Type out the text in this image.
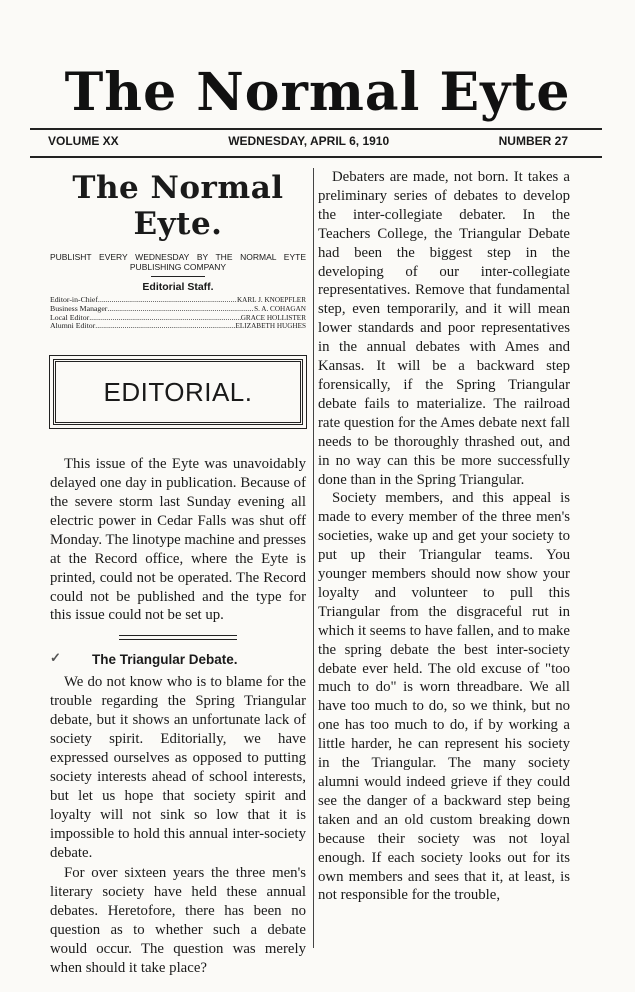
The Normal Eyte
VOLUME XX	WEDNESDAY, APRIL 6, 1910	NUMBER 27
The Normal Eyte.
PUBLISHT EVERY WEDNESDAY BY THE NORMAL EYTE PUBLISHING COMPANY
Editorial Staff.
Editor-in-Chief .....	KARL J. KNOEPFLER
Business Manager .....	S. A. COHAGAN
Local Editor .....	GRACE HOLLISTER
Alumni Editor .....	ELIZABETH HUGHES
EDITORIAL.

This issue of the Eyte was unavoidably delayed one day in publication. Because of the severe storm last Sunday evening all electric power in Cedar Falls was shut off Monday. The linotype machine and presses at the Record office, where the Eyte is printed, could not be operated. The Record could not be published and the type for this issue could not be set up.

✓ The Triangular Debate.

We do not know who is to blame for the trouble regarding the Spring Triangular debate, but it shows an unfortunate lack of society spirit. Editorially, we have expressed ourselves as opposed to putting society interests ahead of school interests, but let us hope that society spirit and loyalty will not sink so low that it is impossible to hold this annual inter-society debate.

For over sixteen years the three men's literary society have held these annual debates. Heretofore, there has been no question as to whether such a debate would occur. The question was merely when should it take place?

Debaters are made, not born. It takes a preliminary series of debates to develop the inter-collegiate debater. In the Teachers College, the Triangular Debate had been the biggest step in the developing of our inter-collegiate representatives. Remove that fundamental step, even temporarily, and it will mean lower standards and poor representatives in the annual debates with Ames and Kansas. It will be a backward step forensically, if the Spring Triangular debate fails to materialize. The railroad rate question for the Ames debate next fall needs to be thoroughly thrashed out, and in no way can this be more successfully done than in the Spring Triangular.

Society members, and this appeal is made to every member of the three men's societies, wake up and get your society to put up their Triangular teams. You younger members should now show your loyalty and volunteer to pull this Triangular from the disgraceful rut in which it seems to have fallen, and to make the spring debate the best inter-society debate ever held. The old excuse of "too much to do" is worn threadbare. We all have too much to do, so we think, but no one has too much to do, if by working a little harder, he can represent his society in the Triangular. The many society alumni would indeed grieve if they could see the danger of a backward step being taken and an old custom breaking down because their society was not loyal enough. If each society looks out for its own members and sees that it, at least, is not responsible for the trouble,
